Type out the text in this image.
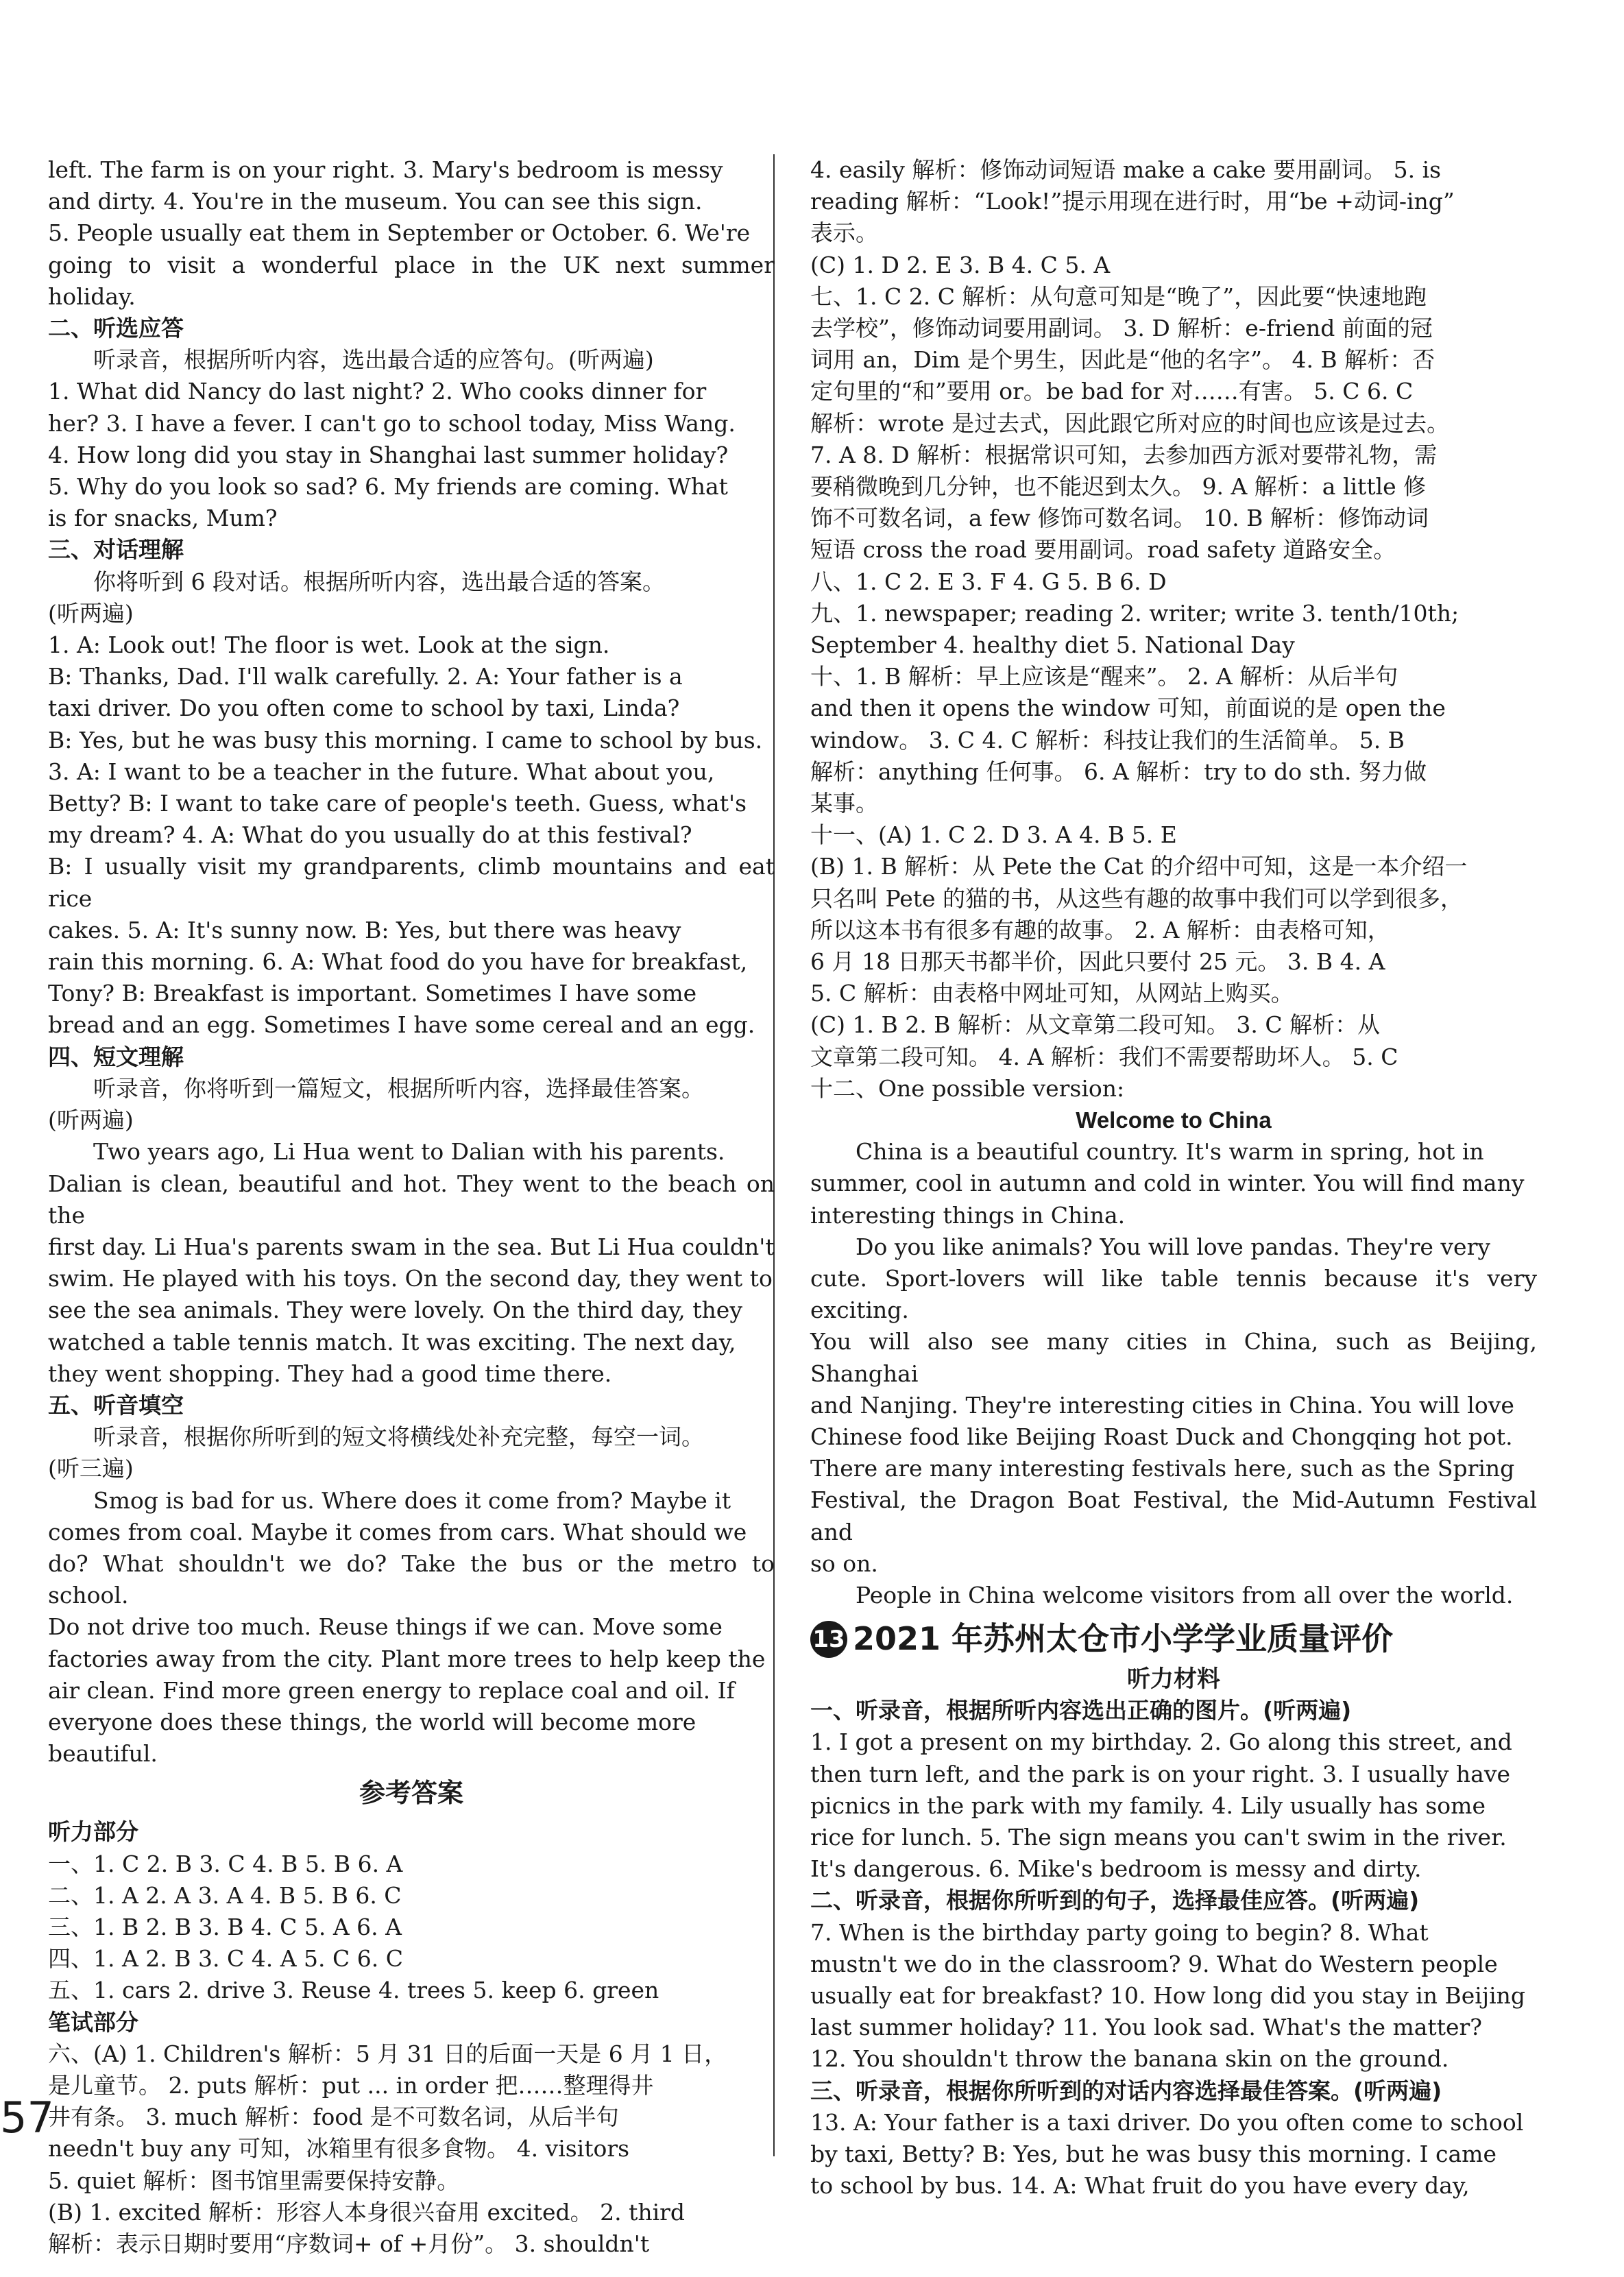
left. The farm is on your right. 3. Mary's bedroom is messy

and dirty. 4. You're in the museum. You can see this sign.

5. People usually eat them in September or October. 6. We're

going to visit a wonderful place in the UK next summer holiday.

二、听选应答

听录音，根据所听内容，选出最合适的应答句。(听两遍)

1. What did Nancy do last night? 2. Who cooks dinner for

her? 3. I have a fever. I can't go to school today, Miss Wang.

4. How long did you stay in Shanghai last summer holiday?

5. Why do you look so sad? 6. My friends are coming. What

is for snacks, Mum?

三、对话理解

你将听到 6 段对话。根据所听内容，选出最合适的答案。

(听两遍)

1. A: Look out! The floor is wet. Look at the sign.

B: Thanks, Dad. I'll walk carefully. 2. A: Your father is a

taxi driver. Do you often come to school by taxi, Linda?

B: Yes, but he was busy this morning. I came to school by bus.

3. A: I want to be a teacher in the future. What about you,

Betty? B: I want to take care of people's teeth. Guess, what's

my dream? 4. A: What do you usually do at this festival?

B: I usually visit my grandparents, climb mountains and eat rice

cakes. 5. A: It's sunny now. B: Yes, but there was heavy

rain this morning. 6. A: What food do you have for breakfast,

Tony? B: Breakfast is important. Sometimes I have some

bread and an egg. Sometimes I have some cereal and an egg.

四、短文理解

听录音，你将听到一篇短文，根据所听内容，选择最佳答案。

(听两遍)

Two years ago, Li Hua went to Dalian with his parents.

Dalian is clean, beautiful and hot. They went to the beach on the

first day. Li Hua's parents swam in the sea. But Li Hua couldn't

swim. He played with his toys. On the second day, they went to

see the sea animals. They were lovely. On the third day, they

watched a table tennis match. It was exciting. The next day,

they went shopping. They had a good time there.

五、听音填空

听录音，根据你所听到的短文将横线处补充完整，每空一词。

(听三遍)

Smog is bad for us. Where does it come from? Maybe it

comes from coal. Maybe it comes from cars. What should we

do? What shouldn't we do? Take the bus or the metro to school.

Do not drive too much. Reuse things if we can. Move some

factories away from the city. Plant more trees to help keep the

air clean. Find more green energy to replace coal and oil. If

everyone does these things, the world will become more

beautiful.

参考答案

听力部分

一、1. C 2. B 3. C 4. B 5. B 6. A

二、1. A 2. A 3. A 4. B 5. B 6. C

三、1. B 2. B 3. B 4. C 5. A 6. A

四、1. A 2. B 3. C 4. A 5. C 6. C

五、1. cars 2. drive 3. Reuse 4. trees 5. keep 6. green

笔试部分

六、(A) 1. Children's 解析：5 月 31 日的后面一天是 6 月 1 日，

是儿童节。 2. puts 解析：put ... in order 把……整理得井

井有条。 3. much 解析：food 是不可数名词，从后半句

needn't buy any 可知，冰箱里有很多食物。 4. visitors

5. quiet 解析：图书馆里需要保持安静。

(B) 1. excited 解析：形容人本身很兴奋用 excited。 2. third

解析：表示日期时要用“序数词+ of +月份”。 3. shouldn't

4. easily 解析：修饰动词短语 make a cake 要用副词。 5. is

reading 解析：“Look!”提示用现在进行时，用“be +动词-ing”

表示。

(C) 1. D 2. E 3. B 4. C 5. A

七、1. C 2. C 解析：从句意可知是“晚了”，因此要“快速地跑

去学校”，修饰动词要用副词。 3. D 解析：e-friend 前面的冠

词用 an，Dim 是个男生，因此是“他的名字”。 4. B 解析：否

定句里的“和”要用 or。be bad for 对……有害。 5. C 6. C

解析：wrote 是过去式，因此跟它所对应的时间也应该是过去。

7. A 8. D 解析：根据常识可知，去参加西方派对要带礼物，需

要稍微晚到几分钟，也不能迟到太久。 9. A 解析：a little 修

饰不可数名词，a few 修饰可数名词。 10. B 解析：修饰动词

短语 cross the road 要用副词。road safety 道路安全。

八、1. C 2. E 3. F 4. G 5. B 6. D

九、1. newspaper; reading 2. writer; write 3. tenth/10th;

September 4. healthy diet 5. National Day

十、1. B 解析：早上应该是“醒来”。 2. A 解析：从后半句

and then it opens the window 可知，前面说的是 open the

window。 3. C 4. C 解析：科技让我们的生活简单。 5. B

解析：anything 任何事。 6. A 解析：try to do sth. 努力做

某事。

十一、(A) 1. C 2. D 3. A 4. B 5. E

(B) 1. B 解析：从 Pete the Cat 的介绍中可知，这是一本介绍一

只名叫 Pete 的猫的书，从这些有趣的故事中我们可以学到很多，

所以这本书有很多有趣的故事。 2. A 解析：由表格可知，

6 月 18 日那天书都半价，因此只要付 25 元。 3. B 4. A

5. C 解析：由表格中网址可知，从网站上购买。

(C) 1. B 2. B 解析：从文章第二段可知。 3. C 解析：从

文章第二段可知。 4. A 解析：我们不需要帮助坏人。 5. C

十二、One possible version:

Welcome to China

China is a beautiful country. It's warm in spring, hot in

summer, cool in autumn and cold in winter. You will find many

interesting things in China.

Do you like animals? You will love pandas. They're very

cute. Sport-lovers will like table tennis because it's very exciting.

You will also see many cities in China, such as Beijing, Shanghai

and Nanjing. They're interesting cities in China. You will love

Chinese food like Beijing Roast Duck and Chongqing hot pot.

There are many interesting festivals here, such as the Spring

Festival, the Dragon Boat Festival, the Mid-Autumn Festival and

so on.

People in China welcome visitors from all over the world.

13 2021 年苏州太仓市小学学业质量评价
听力材料

一、听录音，根据所听内容选出正确的图片。(听两遍)

1. I got a present on my birthday. 2. Go along this street, and

then turn left, and the park is on your right. 3. I usually have

picnics in the park with my family. 4. Lily usually has some

rice for lunch. 5. The sign means you can't swim in the river.

It's dangerous. 6. Mike's bedroom is messy and dirty.

二、听录音，根据你所听到的句子，选择最佳应答。(听两遍)

7. When is the birthday party going to begin? 8. What

mustn't we do in the classroom? 9. What do Western people

usually eat for breakfast? 10. How long did you stay in Beijing

last summer holiday? 11. You look sad. What's the matter?

12. You shouldn't throw the banana skin on the ground.

三、听录音，根据你所听到的对话内容选择最佳答案。(听两遍)

13. A: Your father is a taxi driver. Do you often come to school

by taxi, Betty? B: Yes, but he was busy this morning. I came

to school by bus. 14. A: What fruit do you have every day,

57
